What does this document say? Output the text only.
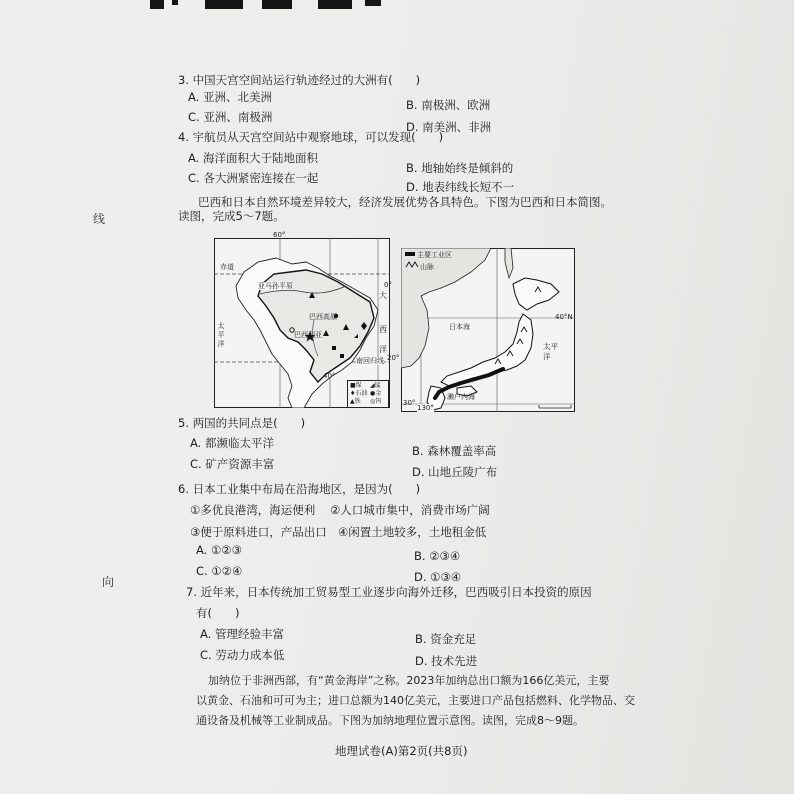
线
向
3. 中国天宫空间站运行轨迹经过的大洲有(　　)
A. 亚洲、北美洲
B. 南极洲、欧洲
C. 亚洲、南极洲
D. 南美洲、非洲
4. 宇航员从天宫空间站中观察地球，可以发现(　　)
A. 海洋面积大于陆地面积
B. 地轴始终是倾斜的
C. 各大洲紧密连接在一起
D. 地表纬线长短不一
巴西和日本自然环境差异较大，经济发展优势各具特色。下图为巴西和日本简图。
读图，完成5～7题。
60°
赤道
亚马孙平原	0°
大
巴西高原
西
太平洋	巴西利亚
洋
20°
南回归线
40°
■煤 ◢锰
♦石油 ●金
▲铁 ◎钨
主要工业区
山脉
日本海
40°N
太平洋
濑户内海
30°
130°
5. 两国的共同点是(　　)
A. 都濒临太平洋
B. 森林覆盖率高
C. 矿产资源丰富
D. 山地丘陵广布
6. 日本工业集中布局在沿海地区，是因为(　　)
①多优良港湾，海运便利 ②人口城市集中，消费市场广阔
③便于原料进口，产品出口 ④闲置土地较多，土地租金低
A. ①②③	B. ②③④
C. ①②④	D. ①③④
7. 近年来，日本传统加工贸易型工业逐步向海外迁移，巴西吸引日本投资的原因
有(　　)
A. 管理经验丰富	B. 资金充足
C. 劳动力成本低	D. 技术先进
加纳位于非洲西部，有“黄金海岸”之称。2023年加纳总出口额为166亿美元，主要
以黄金、石油和可可为主；进口总额为140亿美元，主要进口产品包括燃料、化学物品、交
通设备及机械等工业制成品。下图为加纳地理位置示意图。读图，完成8～9题。
地理试卷(A)第2页(共8页)
